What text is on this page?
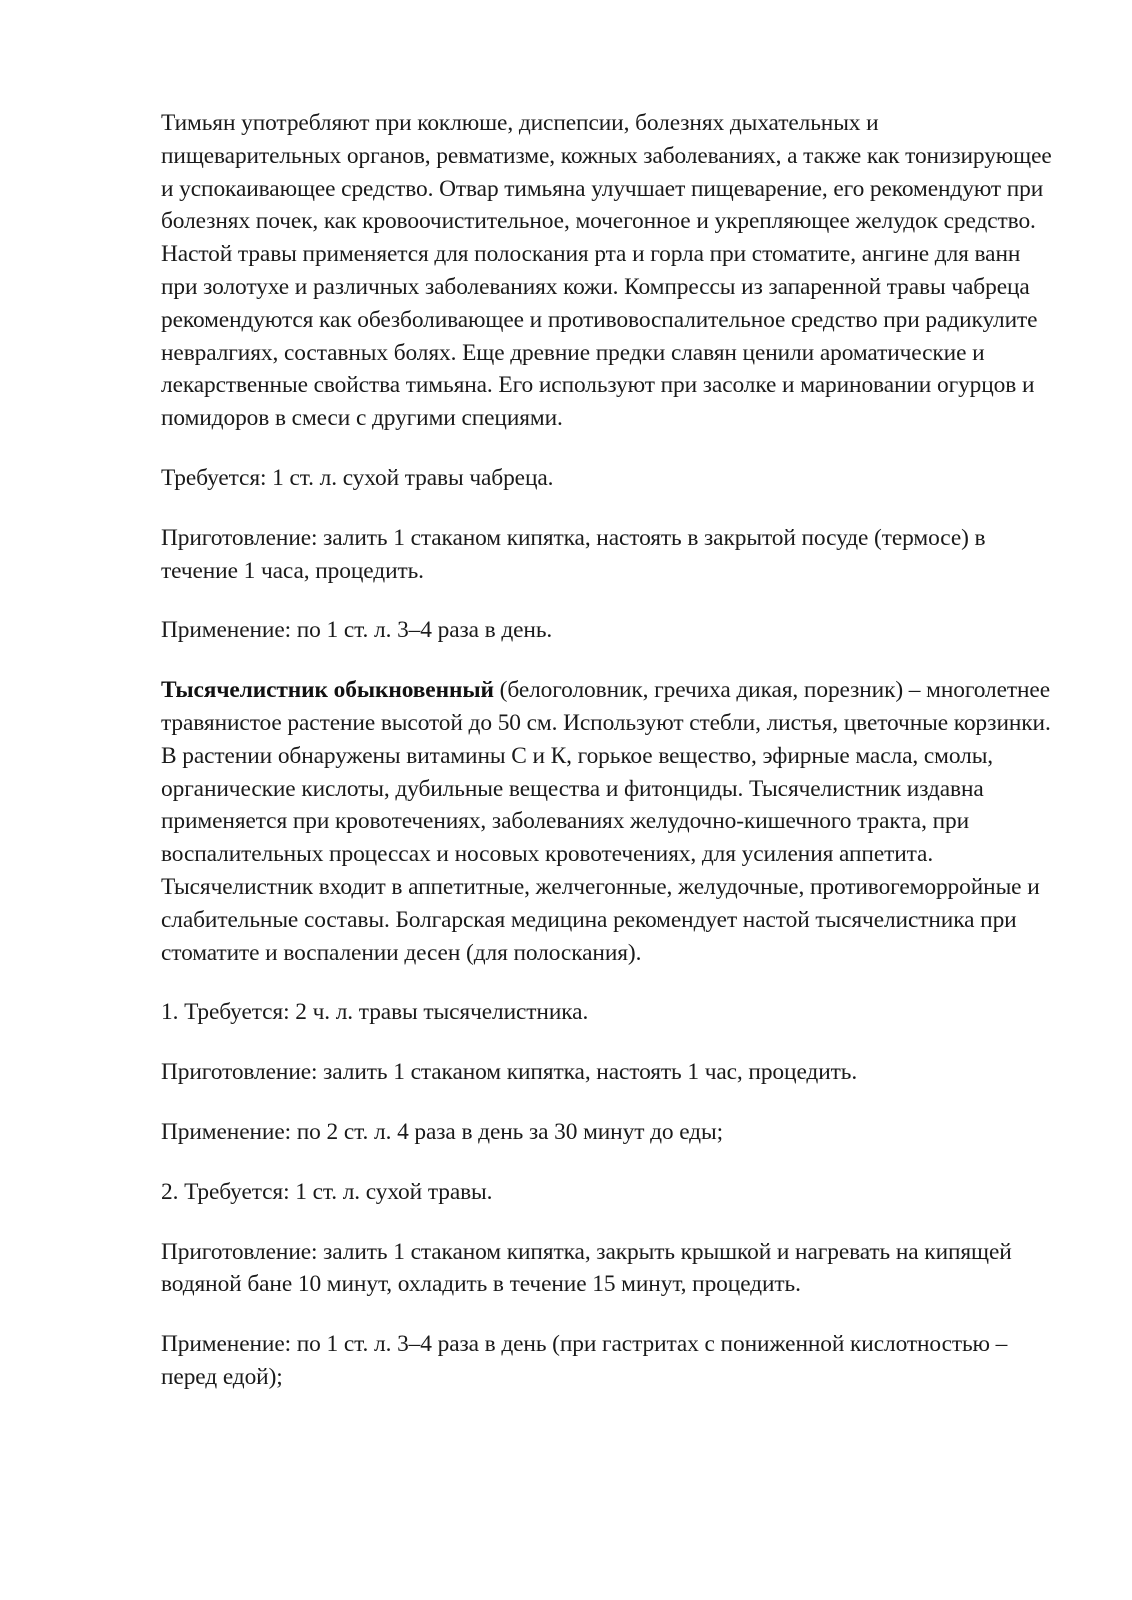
Тимьян употребляют при коклюше, диспепсии, болезнях дыхательных и пищеварительных органов, ревматизме, кожных заболеваниях, а также как тонизирующее и успокаивающее средство. Отвар тимьяна улучшает пищеварение, его рекомендуют при болезнях почек, как кровоочистительное, мочегонное и укрепляющее желудок средство. Настой травы применяется для полоскания рта и горла при стоматите, ангине для ванн при золотухе и различных заболеваниях кожи. Компрессы из запаренной травы чабреца рекомендуются как обезболивающее и противовоспалительное средство при радикулите невралгиях, составных болях. Еще древние предки славян ценили ароматические и лекарственные свойства тимьяна. Его используют при засолке и мариновании огурцов и помидоров в смеси с другими специями.

Требуется: 1 ст. л. сухой травы чабреца.

Приготовление: залить 1 стаканом кипятка, настоять в закрытой посуде (термосе) в течение 1 часа, процедить.

Применение: по 1 ст. л. 3–4 раза в день.

Тысячелистник обыкновенный (белоголовник, гречиха дикая, порезник) – многолетнее травянистое растение высотой до 50 см. Используют стебли, листья, цветочные корзинки. В растении обнаружены витамины С и К, горькое вещество, эфирные масла, смолы, органические кислоты, дубильные вещества и фитонциды. Тысячелистник издавна применяется при кровотечениях, заболеваниях желудочно-кишечного тракта, при воспалительных процессах и носовых кровотечениях, для усиления аппетита. Тысячелистник входит в аппетитные, желчегонные, желудочные, противогеморройные и слабительные составы. Болгарская медицина рекомендует настой тысячелистника при стоматите и воспалении десен (для полоскания).

1. Требуется: 2 ч. л. травы тысячелистника.

Приготовление: залить 1 стаканом кипятка, настоять 1 час, процедить.

Применение: по 2 ст. л. 4 раза в день за 30 минут до еды;

2. Требуется: 1 ст. л. сухой травы.

Приготовление: залить 1 стаканом кипятка, закрыть крышкой и нагревать на кипящей водяной бане 10 минут, охладить в течение 15 минут, процедить.

Применение: по 1 ст. л. 3–4 раза в день (при гастритах с пониженной кислотностью – перед едой);
